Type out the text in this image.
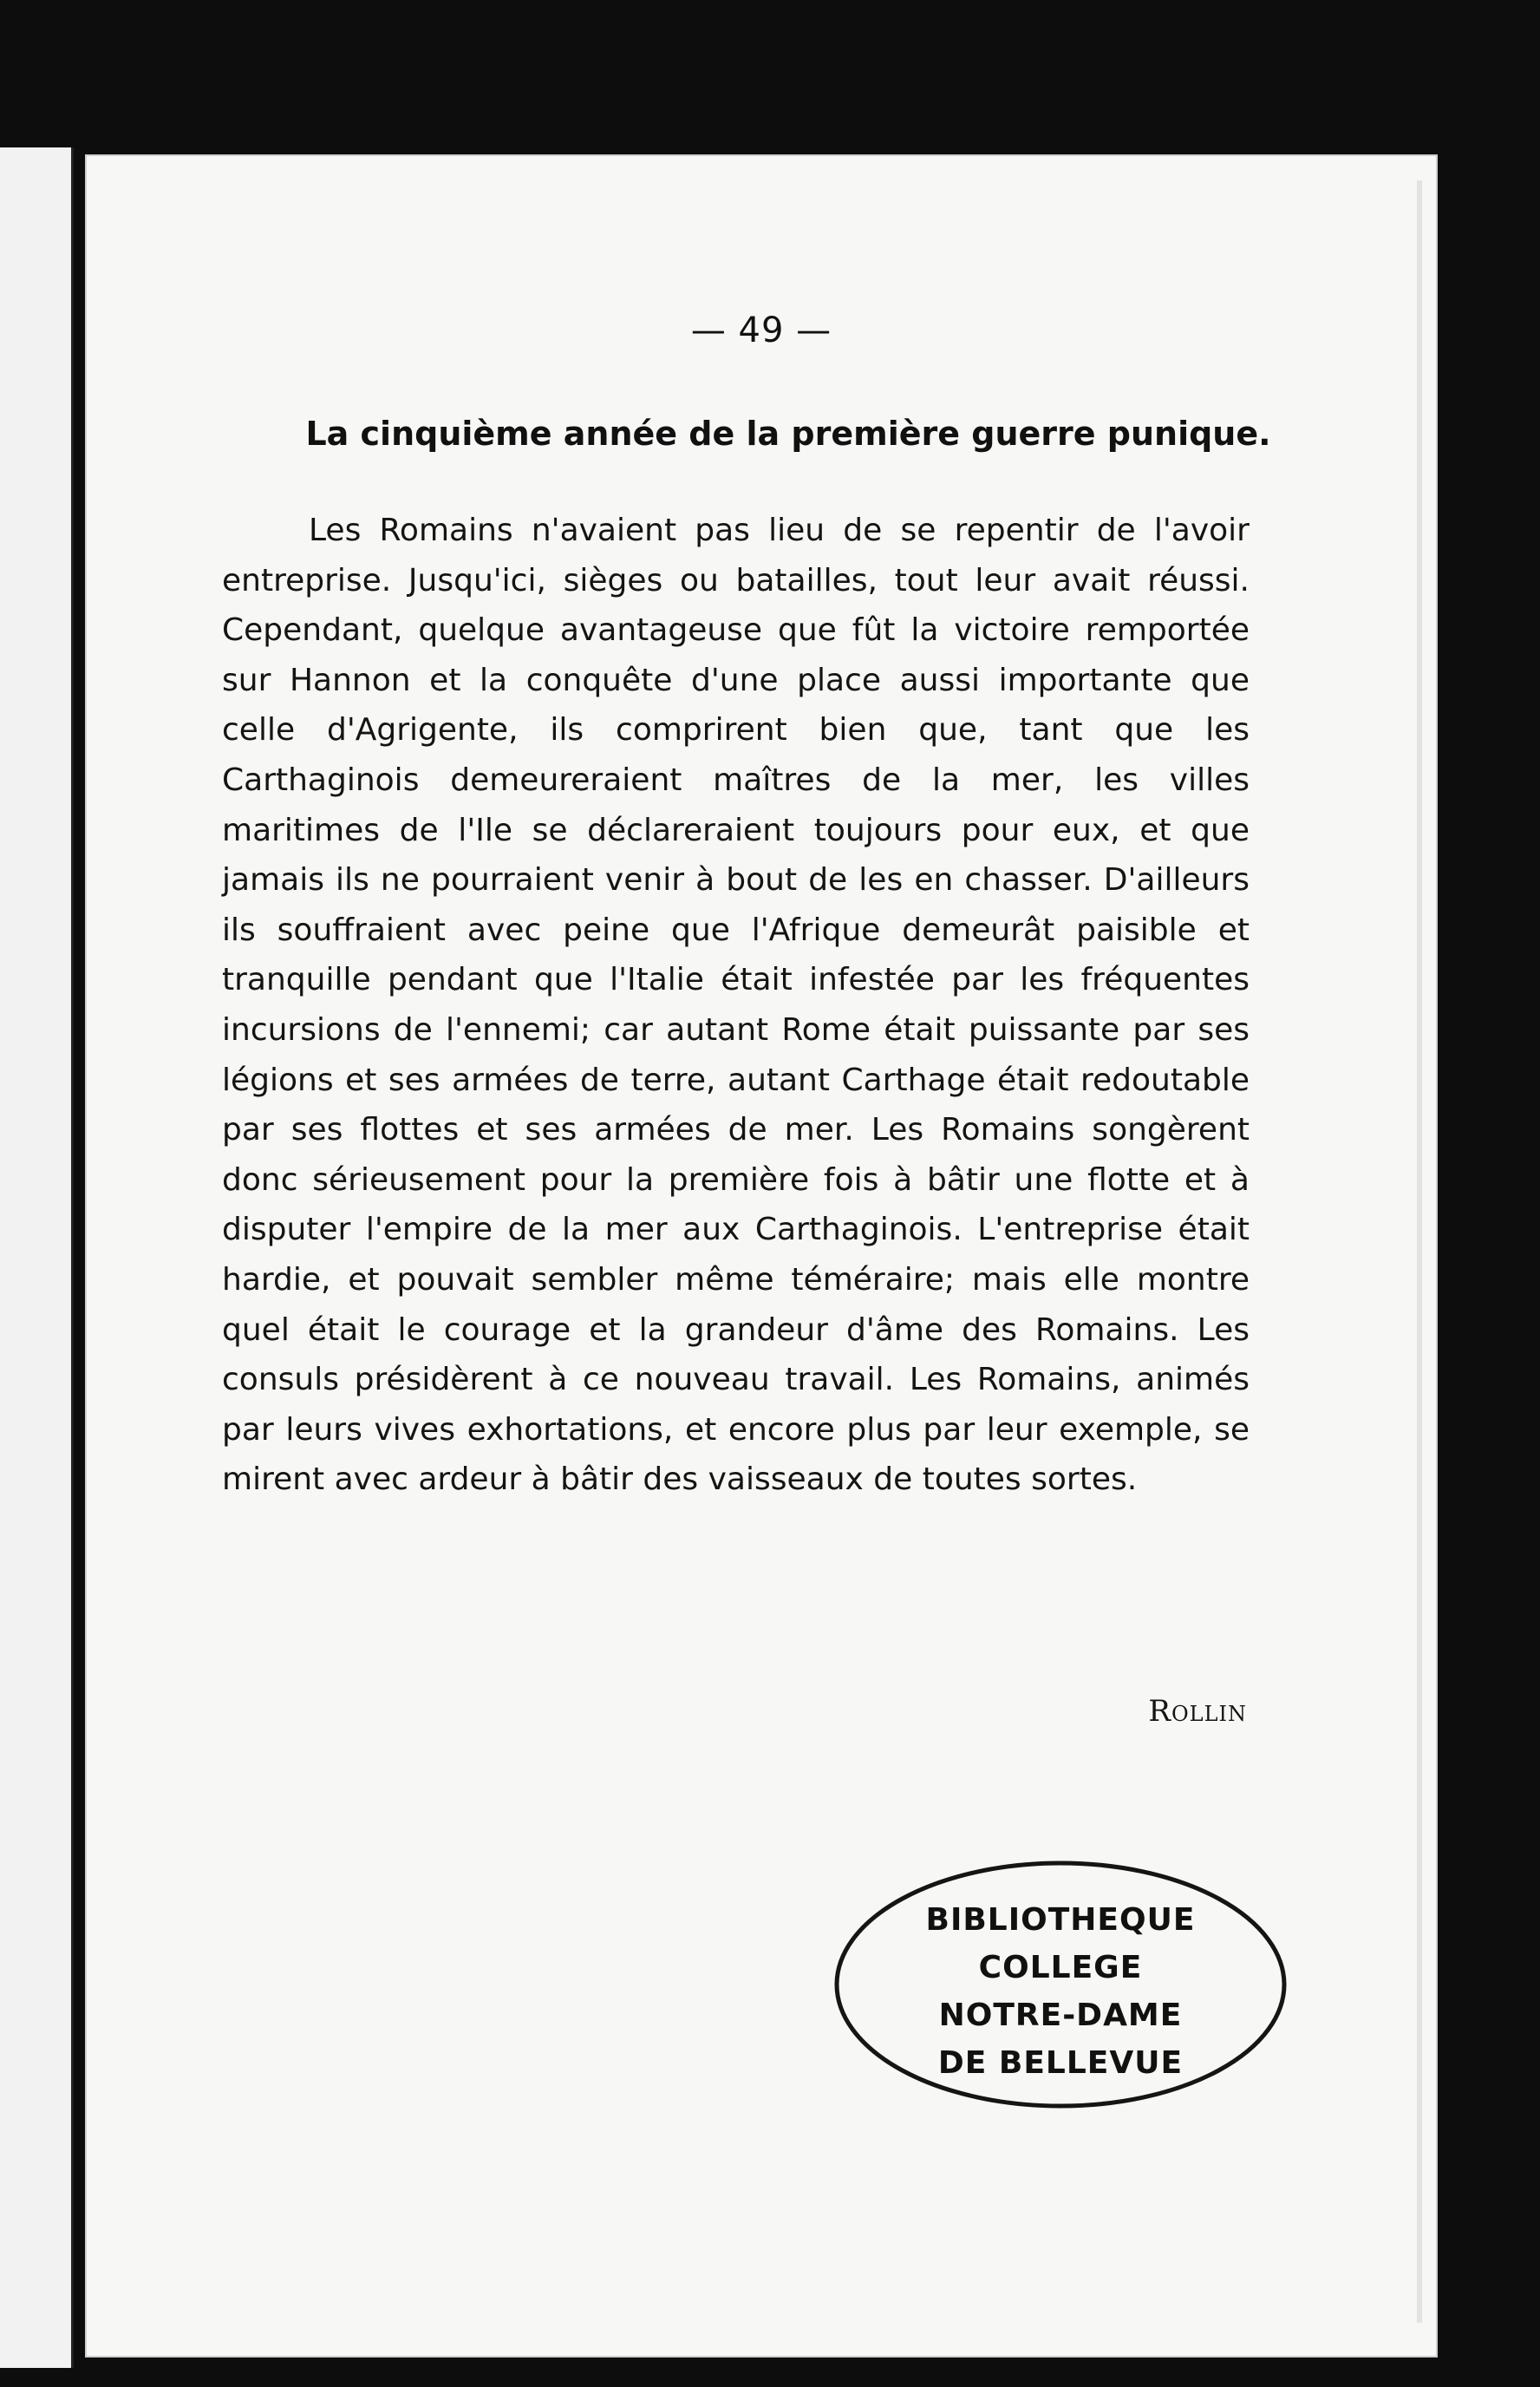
— 49 —
La cinquième année de la première guerre punique.

Les Romains n'avaient pas lieu de se repentir de l'avoir entreprise. Jusqu'ici, sièges ou batailles, tout leur avait réussi. Cependant, quelque avantageuse que fût la victoire remportée sur Hannon et la conquête d'une place aussi importante que celle d'Agrigente, ils comprirent bien que, tant que les Carthaginois demeureraient maîtres de la mer, les villes maritimes de l'Ile se déclareraient toujours pour eux, et que jamais ils ne pourraient venir à bout de les en chasser. D'ailleurs ils souffraient avec peine que l'Afrique demeurât paisible et tranquille pendant que l'Italie était infestée par les fréquentes incursions de l'ennemi; car autant Rome était puissante par ses légions et ses armées de terre, autant Carthage était redoutable par ses flottes et ses armées de mer. Les Romains songèrent donc sérieusement pour la première fois à bâtir une flotte et à disputer l'empire de la mer aux Carthaginois. L'entreprise était hardie, et pouvait sembler même téméraire; mais elle montre quel était le courage et la grandeur d'âme des Romains. Les consuls présidèrent à ce nouveau travail. Les Romains, animés par leurs vives exhortations, et encore plus par leur exemple, se mirent avec ardeur à bâtir des vaisseaux de toutes sortes.

Rollin
BIBLIOTHEQUE
COLLEGE
NOTRE-DAME
DE BELLEVUE
